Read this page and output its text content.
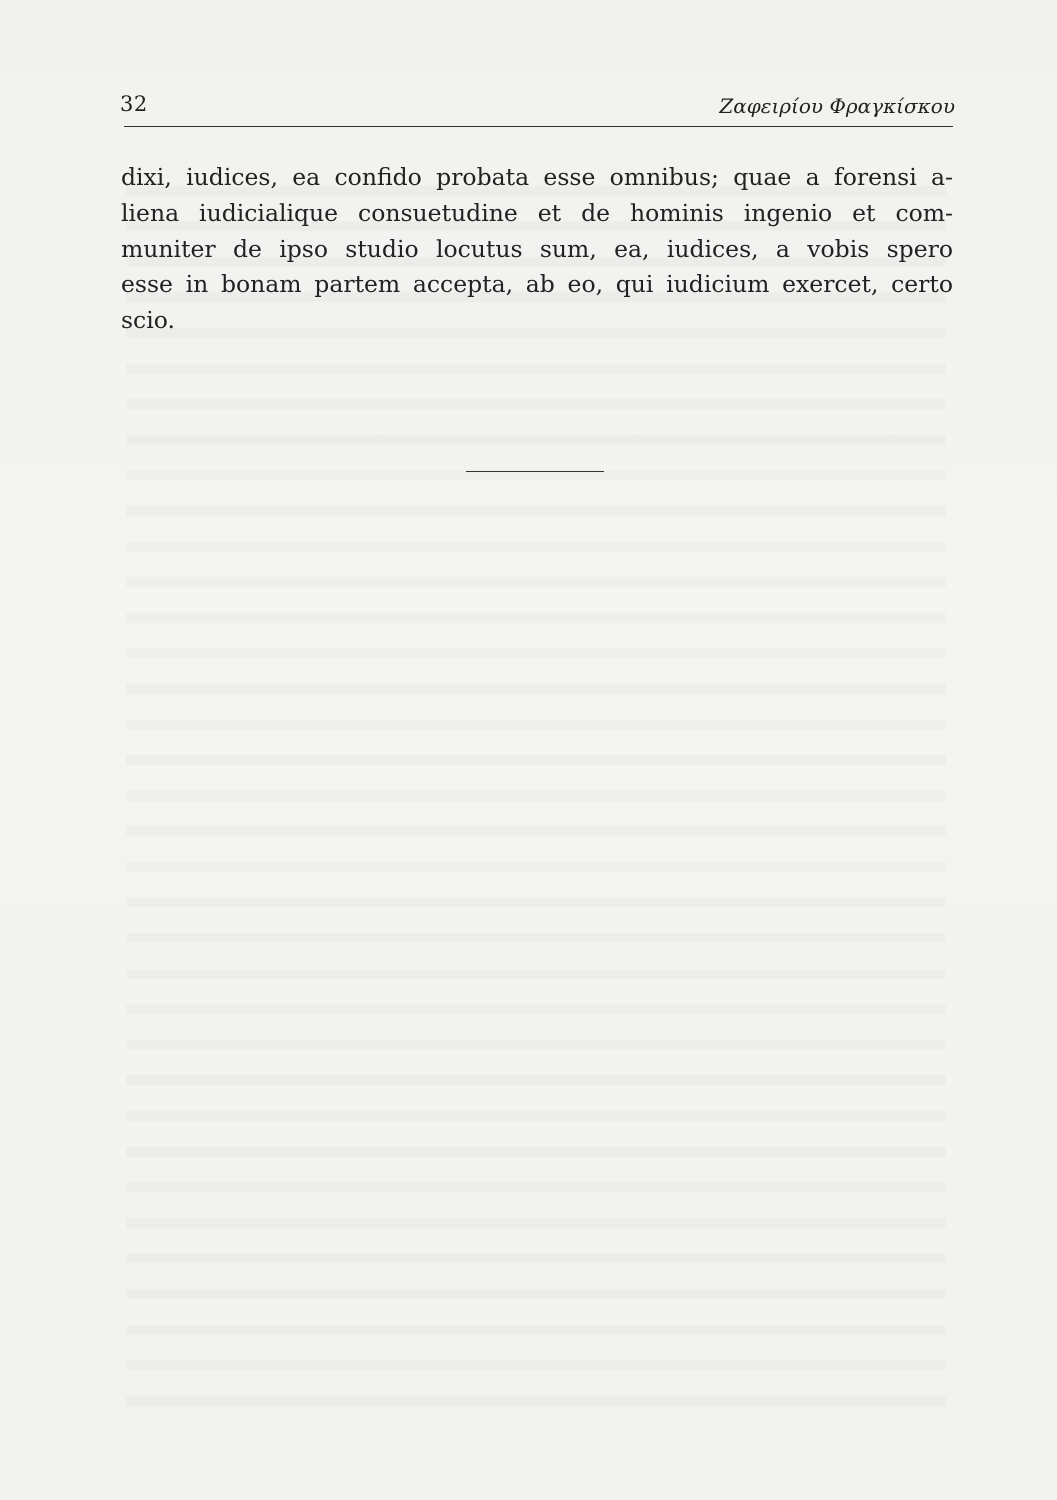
32	Ζαφειρίου Φραγκίσκου
dixi, iudices, ea confido probata esse omnibus; quae a forensi a-
liena iudicialique consuetudine et de hominis ingenio et com-
muniter de ipso studio locutus sum, ea, iudices, a vobis spero
esse in bonam partem accepta, ab eo, qui iudicium exercet, certo
scio.
